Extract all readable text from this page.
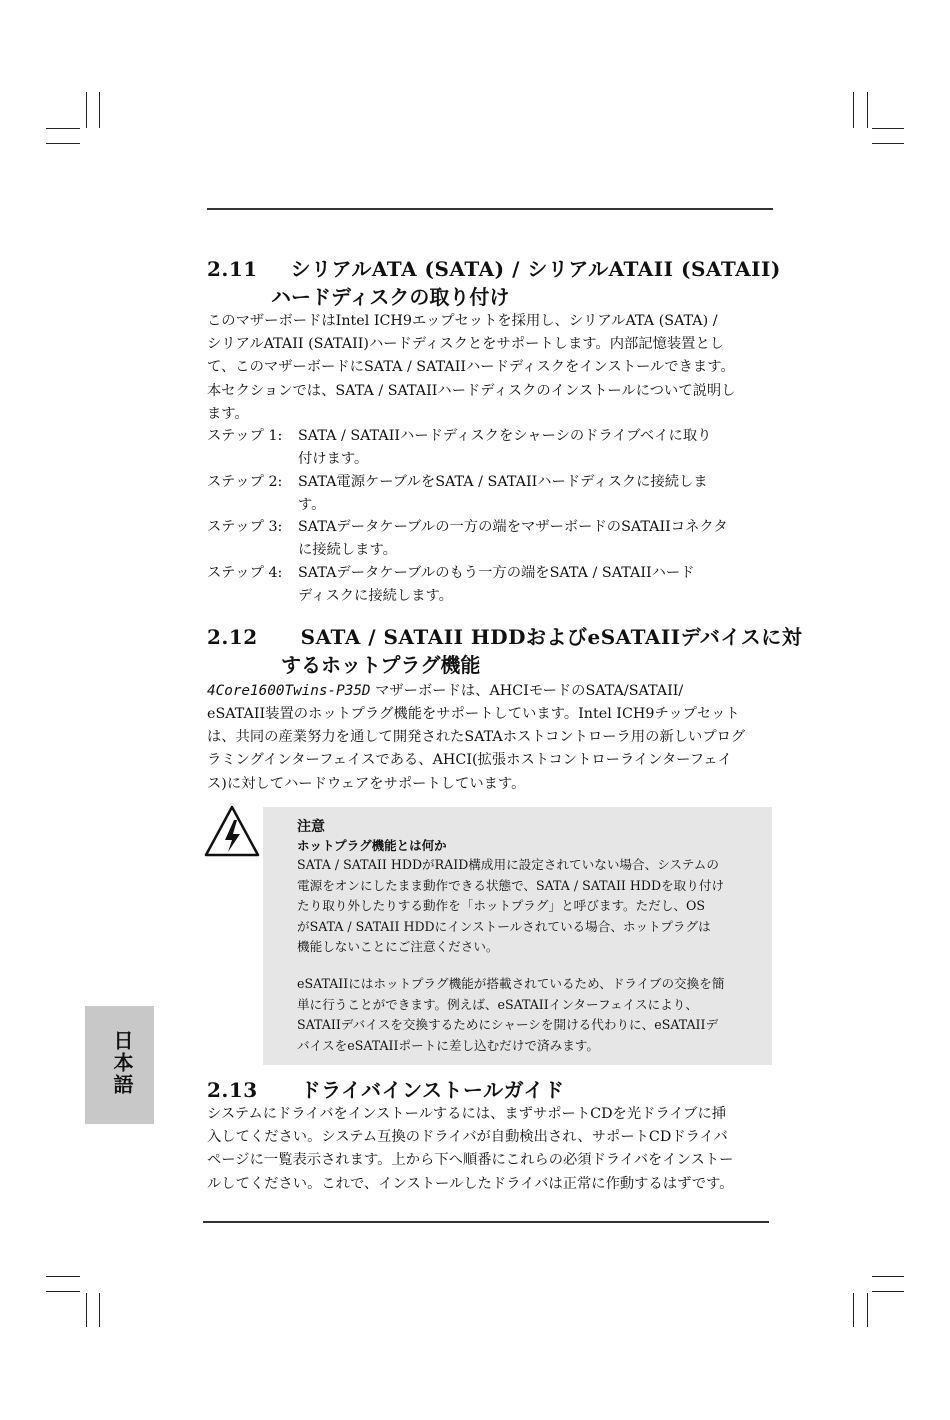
2.11 シリアルATA (SATA) / シリアルATAII (SATAII)
ハードディスクの取り付け
このマザーボードはIntel ICH9エップセットを採用し、シリアルATA (SATA) /
シリアルATAII (SATAII)ハードディスクとをサポートします。内部記憶装置とし
て、このマザーボードにSATA / SATAIIハードディスクをインストールできます。
本セクションでは、SATA / SATAIIハードディスクのインストールについて説明し
ます。
ステップ 1: SATA / SATAIIハードディスクをシャーシのドライブベイに取り
付けます。
ステップ 2: SATA電源ケーブルをSATA / SATAIIハードディスクに接続しま
す。
ステップ 3: SATAデータケーブルの一方の端をマザーボードのSATAIIコネクタ
に接続します。
ステップ 4: SATAデータケーブルのもう一方の端をSATA / SATAIIハード
ディスクに接続します。
2.12 SATA / SATAII HDDおよびeSATAIIデバイスに対
するホットプラグ機能
4Core1600Twins-P35D マザーボードは、AHCIモードのSATA/SATAII/
eSATAII装置のホットプラグ機能をサポートしています。Intel ICH9チップセット
は、共同の産業努力を通して開発されたSATAホストコントローラ用の新しいプログ
ラミングインターフェイスである、AHCI(拡張ホストコントローラインターフェイ
ス)に対してハードウェアをサポートしています。
注意
ホットプラグ機能とは何か
SATA / SATAII HDDがRAID構成用に設定されていない場合、システムの
電源をオンにしたまま動作できる状態で、SATA / SATAII HDDを取り付け
たり取り外したりする動作を「ホットプラグ」と呼びます。ただし、OS
がSATA / SATAII HDDにインストールされている場合、ホットプラグは
機能しないことにご注意ください。
eSATAIIにはホットプラグ機能が搭載されているため、ドライブの交換を簡
単に行うことができます。例えば、eSATAIIインターフェイスにより、
SATAIIデバイスを交換するためにシャーシを開ける代わりに、eSATAIIデ
バイスをeSATAIIポートに差し込むだけで済みます。
日本語	2.13 ドライバインストールガイド
システムにドライバをインストールするには、まずサポートCDを光ドライブに挿
入してください。システム互換のドライバが自動検出され、サポートCDドライバ
ページに一覧表示されます。上から下へ順番にこれらの必須ドライバをインストー
ルしてください。これで、インストールしたドライバは正常に作動するはずです。
